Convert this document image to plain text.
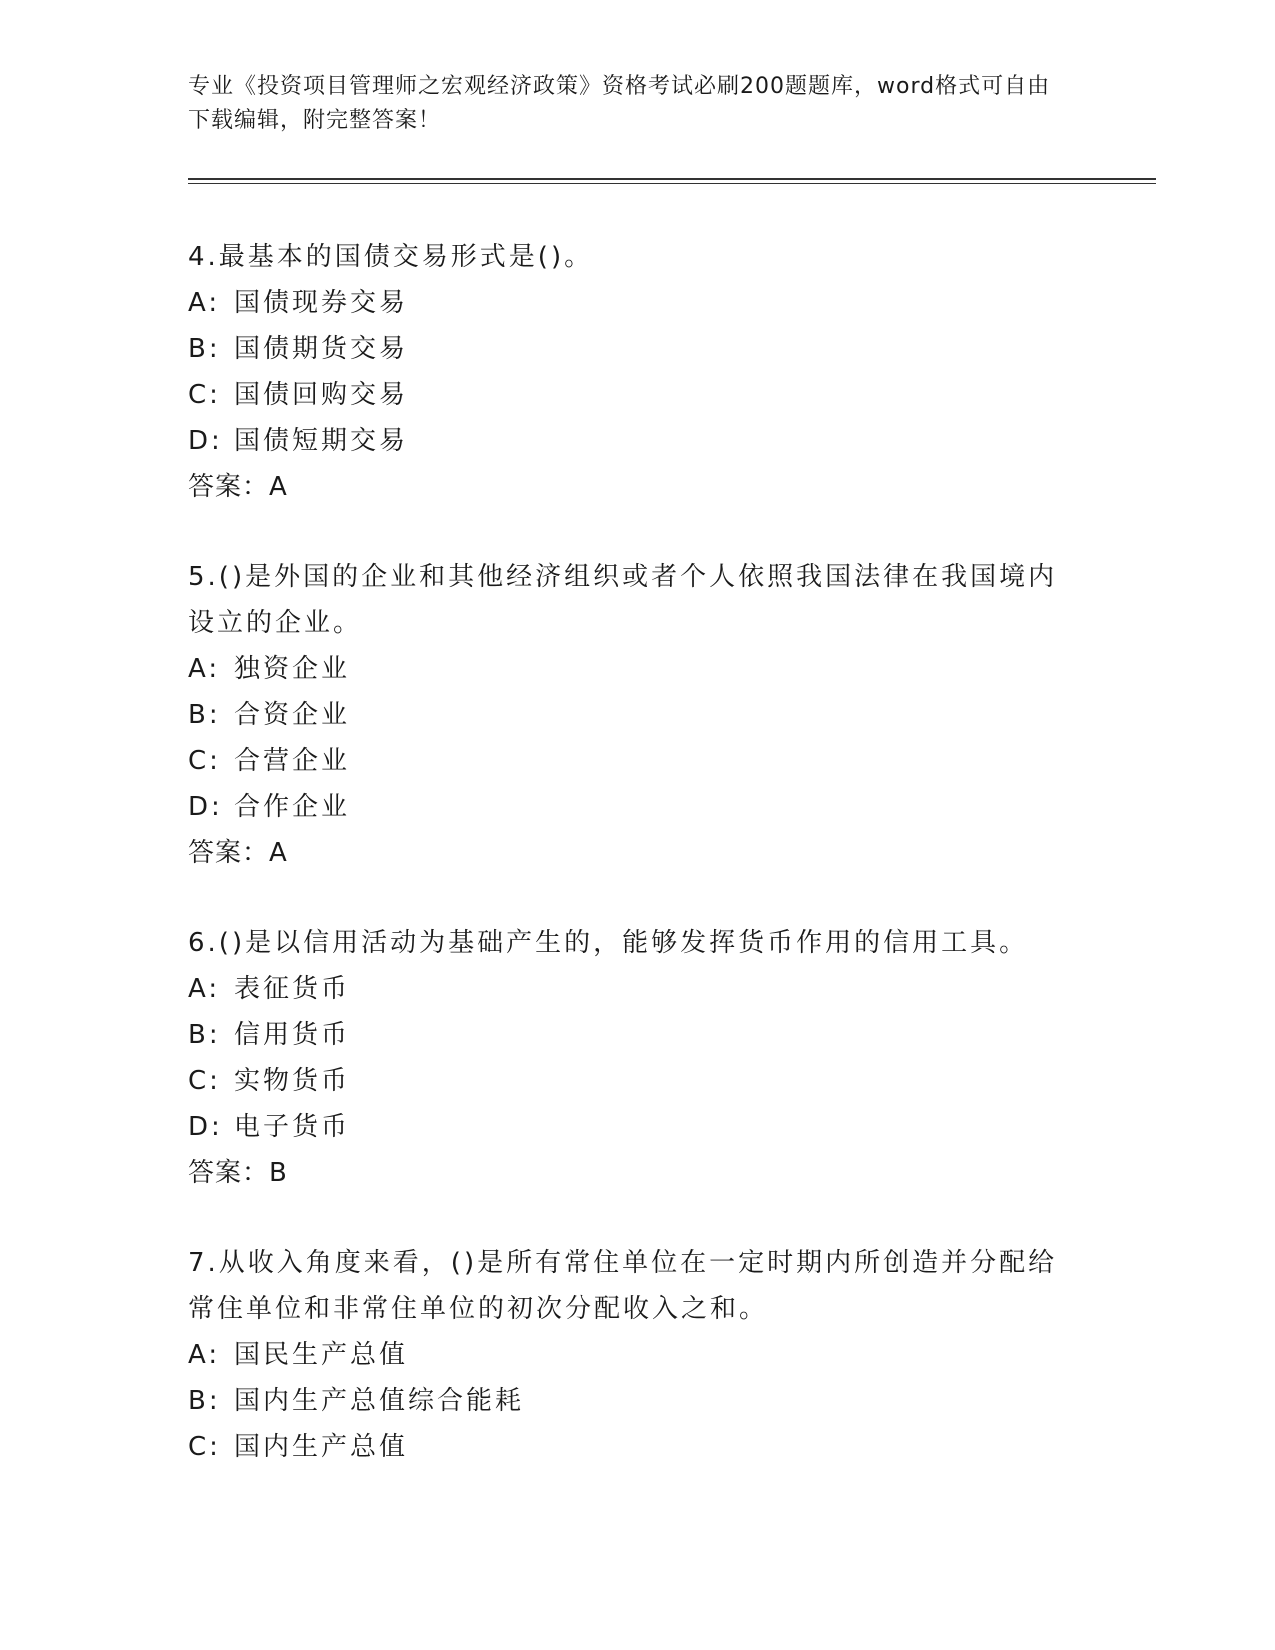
专业《投资项目管理师之宏观经济政策》资格考试必刷200题题库，word格式可自由下载编辑，附完整答案！

4.最基本的国债交易形式是()。

A: 国债现券交易
B: 国债期货交易
C: 国债回购交易
D: 国债短期交易
答案：A

5.()是外国的企业和其他经济组织或者个人依照我国法律在我国境内设立的企业。

A: 独资企业
B: 合资企业
C: 合营企业
D: 合作企业
答案：A

6.()是以信用活动为基础产生的，能够发挥货币作用的信用工具。

A: 表征货币
B: 信用货币
C: 实物货币
D: 电子货币
答案：B

7.从收入角度来看，()是所有常住单位在一定时期内所创造并分配给常住单位和非常住单位的初次分配收入之和。

A: 国民生产总值
B: 国内生产总值综合能耗
C: 国内生产总值
